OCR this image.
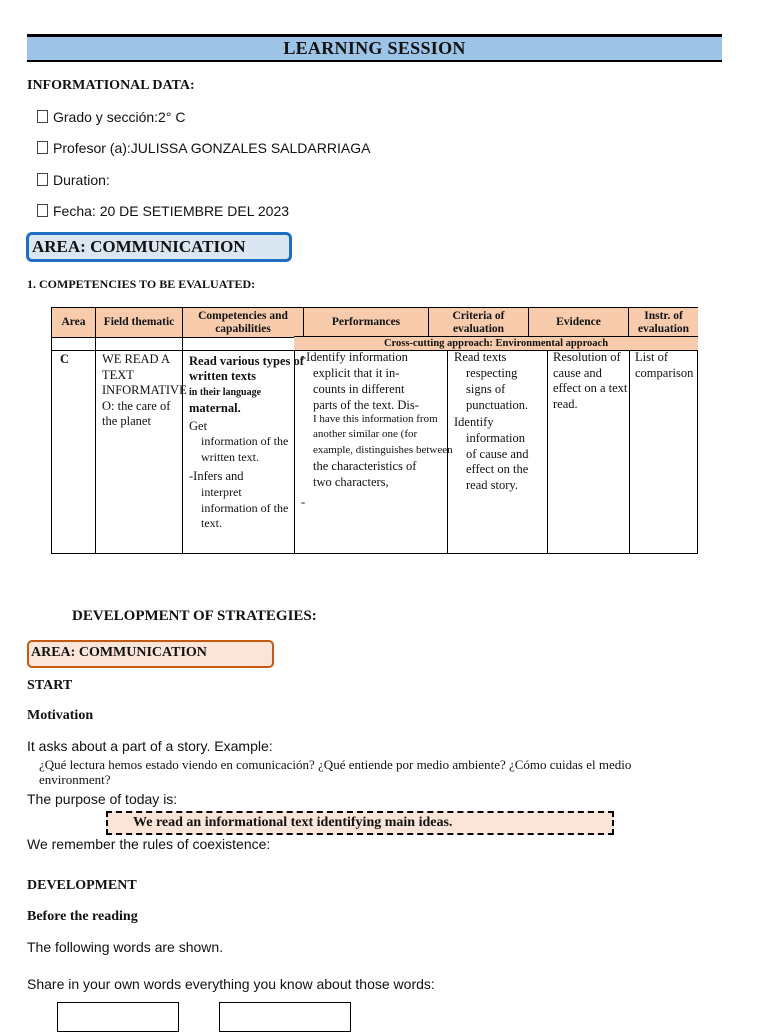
LEARNING SESSION
INFORMATIONAL DATA:
Grado y sección:2° C
Profesor (a):JULISSA GONZALES SALDARRIAGA
Duration:
Fecha: 20 DE SETIEMBRE DEL 2023
AREA: COMMUNICATION
1. COMPETENCIES TO BE EVALUATED:
Area	Field thematic
Competencies and capabilities
Performances
Criteria of evaluation
Evidence
Instr. of evaluation
Cross-cutting approach: Environmental approach
C	WE READ A TEXT INFORMATIVE O: the care of the planet
Read various types of written texts
in their language
maternal.
Get
information of the written text.
-Infers and
interpret information of the text.
-Identify information
explicit that it in-
counts in different
parts of the text. Dis-
I have this information from
another similar one (for
example, distinguishes between
the characteristics of
two characters,
-
Read texts
respecting
signs of
punctuation.
Identify
information
of cause and
effect on the
read story.
Resolution of cause and effect on a text read.
List of comparison
DEVELOPMENT OF STRATEGIES:
AREA: COMMUNICATION
START
Motivation
It asks about a part of a story. Example:
¿Qué lectura hemos estado viendo en comunicación? ¿Qué entiende por medio ambiente? ¿Cómo cuidas el medio
environment?
The purpose of today is:
We read an informational text identifying main ideas.
We remember the rules of coexistence:
DEVELOPMENT
Before the reading
The following words are shown.
Share in your own words everything you know about those words:
